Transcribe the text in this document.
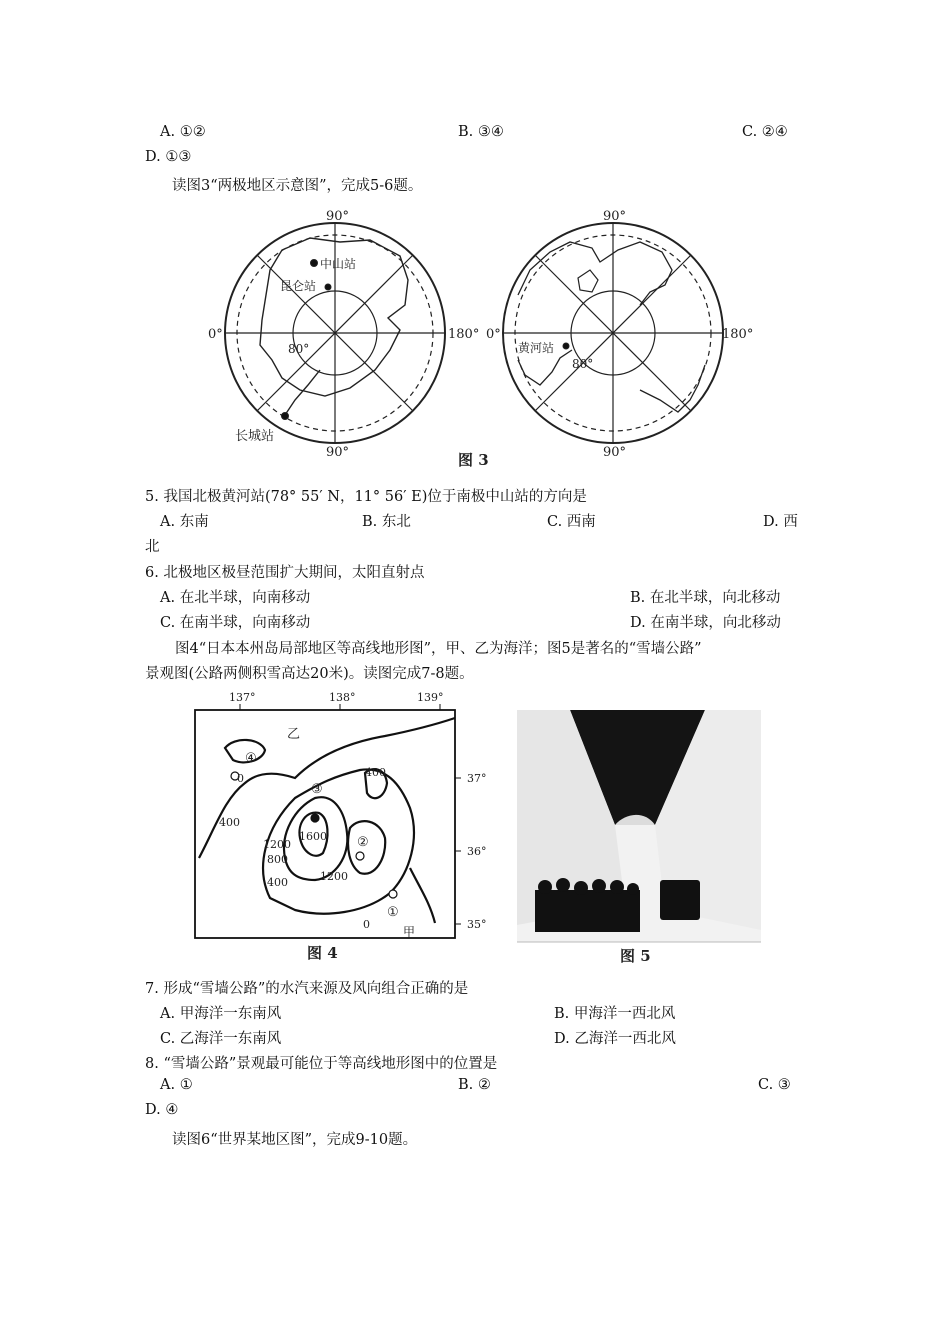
A. ①②	B. ③④	C. ②④
D. ①③
读图3“两极地区示意图”，完成5-6题。
90°
90°
0°	180°
80°
中山站
昆仑站
长城站
90°
90°
0°	180°
80°
黄河站
图 3
5. 我国北极黄河站(78° 55′ N，11° 56′ E)位于南极中山站的方向是
A. 东南	B. 东北	C. 西南	D. 西
北
6. 北极地区极昼范围扩大期间，太阳直射点
A. 在北半球，向南移动	B. 在北半球，向北移动
C. 在南半球，向南移动	D. 在南半球，向北移动
图4“日本本州岛局部地区等高线地形图”，甲、乙为海洋；图5是著名的“雪墙公路”
景观图(公路两侧积雪高达20米)。读图完成7-8题。
137°	138°	139°
37°
36°
35°
乙
甲
400
400
400
800
1200
1200
1600
0
0
①
②
③
④
图 4	图 5
7. 形成“雪墙公路”的水汽来源及风向组合正确的是
A. 甲海洋一东南风	B. 甲海洋一西北风
C. 乙海洋一东南风	D. 乙海洋一西北风
8. “雪墙公路”景观最可能位于等高线地形图中的位置是
A. ①	B. ②	C. ③
D. ④
读图6“世界某地区图”，完成9-10题。
